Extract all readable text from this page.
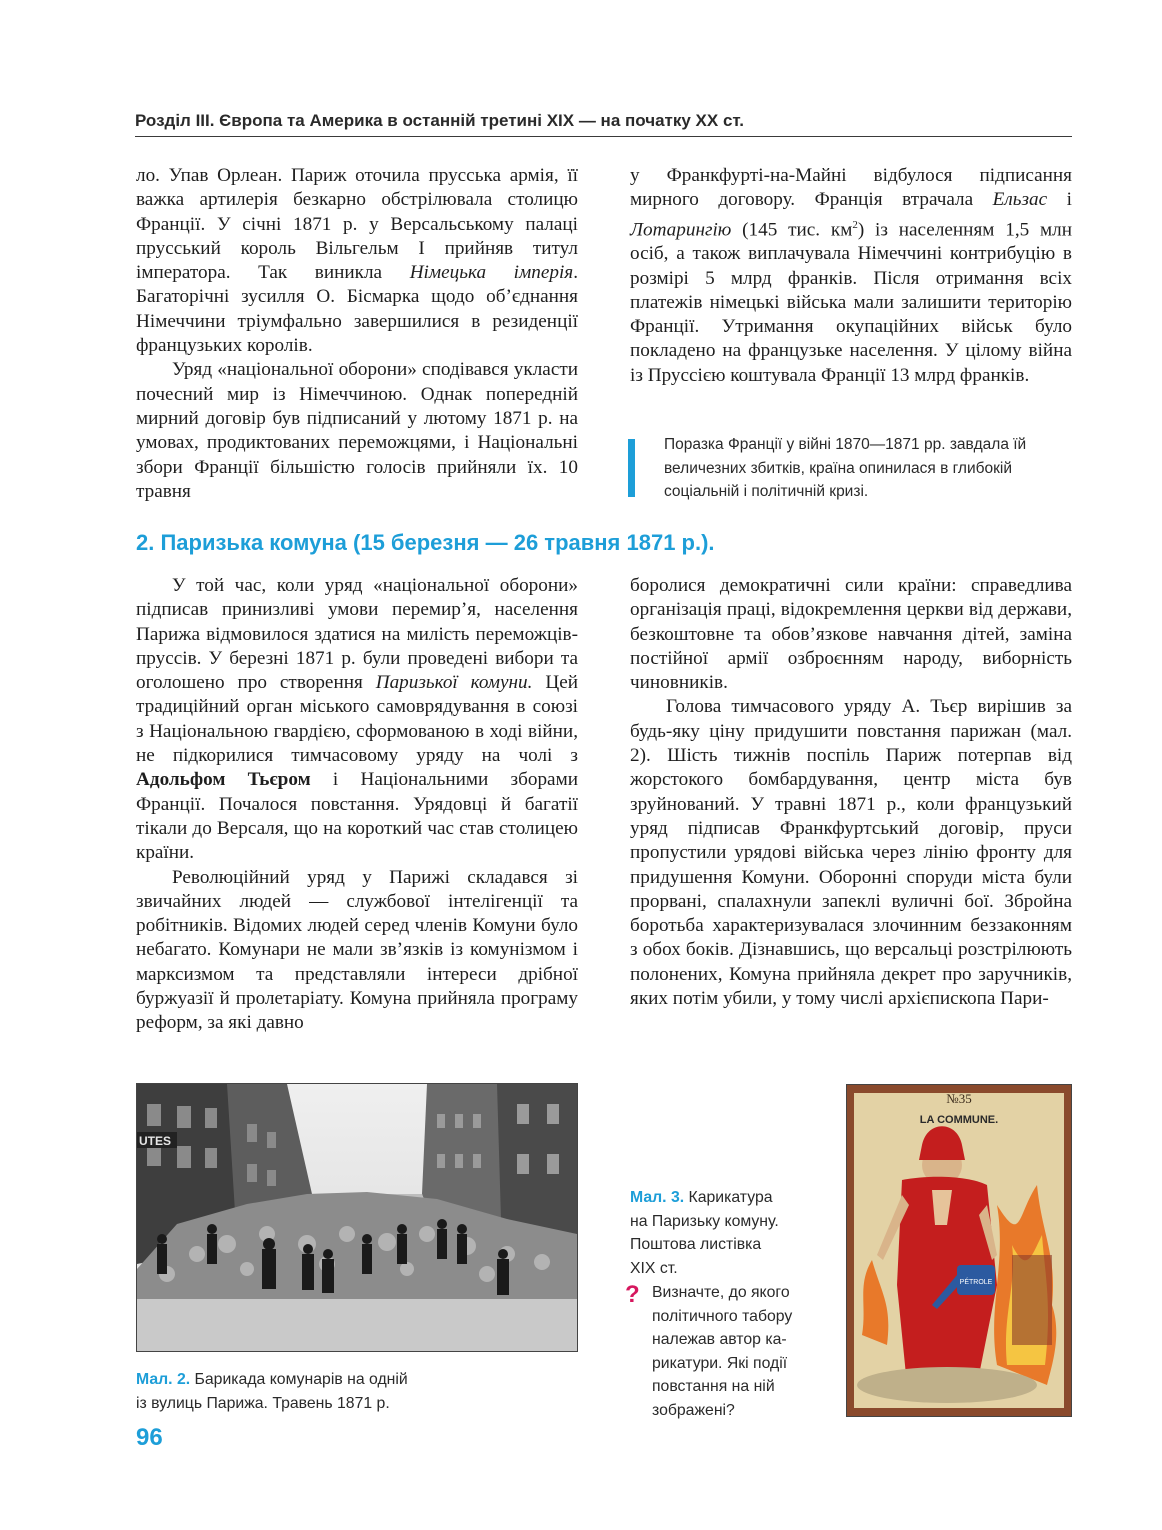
Розділ ІІІ. Європа та Америка в останній третині ХІХ — на початку ХХ ст.

ло. Упав Орлеан. Париж оточила прусська армія, її важка артилерія безкарно обстрілювала столицю Франції. У січні 1871 р. у Версальському палаці прусський король Вільгельм І прийняв титул імператора. Так виникла Німецька імперія. Багаторічні зусилля О. Бісмарка щодо об’єднання Німеччини тріумфально завершилися в резиденції французьких королів.

Уряд «національної оборони» сподівався укласти почесний мир із Німеччиною. Однак попередній мирний договір був підписаний у лютому 1871 р. на умовах, продиктованих переможцями, і Національні збори Франції більшістю голосів прийняли їх. 10 травня

у Франкфурті-на-Майні відбулося підписання мирного договору. Франція втрачала Ельзас і Лотарингію (145 тис. $км^2$) із населенням 1,5 млн осіб, а також виплачувала Німеччині контрибуцію в розмірі 5 млрд франків. Після отримання всіх платежів німецькі війська мали залишити територію Франції. Утримання окупаційних військ було покладено на французьке населення. У цілому війна із Пруссією коштувала Франції 13 млрд франків.

Поразка Франції у війні 1870—1871 рр. завдала їй величезних збитків, країна опинилася в глибокій соціальній і політичній кризі.
2. Паризька комуна (15 березня — 26 травня 1871 р.).

У той час, коли уряд «національної оборони» підписав принизливі умови перемир’я, населення Парижа відмовилося здатися на милість переможців-пруссів. У березні 1871 р. були проведені вибори та оголошено про створення Паризької комуни. Цей традиційний орган міського самоврядування в союзі з Національною гвардією, сформованою в ході війни, не підкорилися тимчасовому уряду на чолі з Адольфом Тьєром і Національними зборами Франції. Почалося повстання. Урядовці й багатії тікали до Версаля, що на короткий час став столицею країни.

Революційний уряд у Парижі складався зі звичайних людей — службової інтелігенції та робітників. Відомих людей серед членів Комуни було небагато. Комунари не мали зв’язків із комунізмом і марксизмом та представляли інтереси дрібної буржуазії й пролетаріату. Комуна прийняла програму реформ, за які давно

боролися демократичні сили країни: справедлива організація праці, відокремлення церкви від держави, безкоштовне та обов’язкове навчання дітей, заміна постійної армії озброєнням народу, виборність чиновників.

Голова тимчасового уряду А. Тьєр вирішив за будь-яку ціну придушити повстання парижан (мал. 2). Шість тижнів поспіль Париж потерпав від жорстокого бомбардування, центр міста був зруйнований. У травні 1871 р., коли французький уряд підписав Франкфуртський договір, пруси пропустили урядові війська через лінію фронту для придушення Комуни. Оборонні споруди міста були прорвані, спалахнули запеклі вуличні бої. Збройна боротьба характеризувалася злочинним беззаконням з обох боків. Дізнавшись, що версальці розстрілюють полонених, Комуна прийняла декрет про заручників, яких потім убили, у тому числі архієпископа Пари-

UTES
Мал. 2. Барикада комунарів на одній
із вулиць Парижа. Травень 1871 р.
№35
LA COMMUNE.
PÉTROLE
Мал. 3. Карикатура
на Паризьку комуну.
Поштова листівка
XIX ст.
? Визначте, до якого
політичного табору
належав автор ка-
рикатури. Які події
повстання на ній
зображені?
96
